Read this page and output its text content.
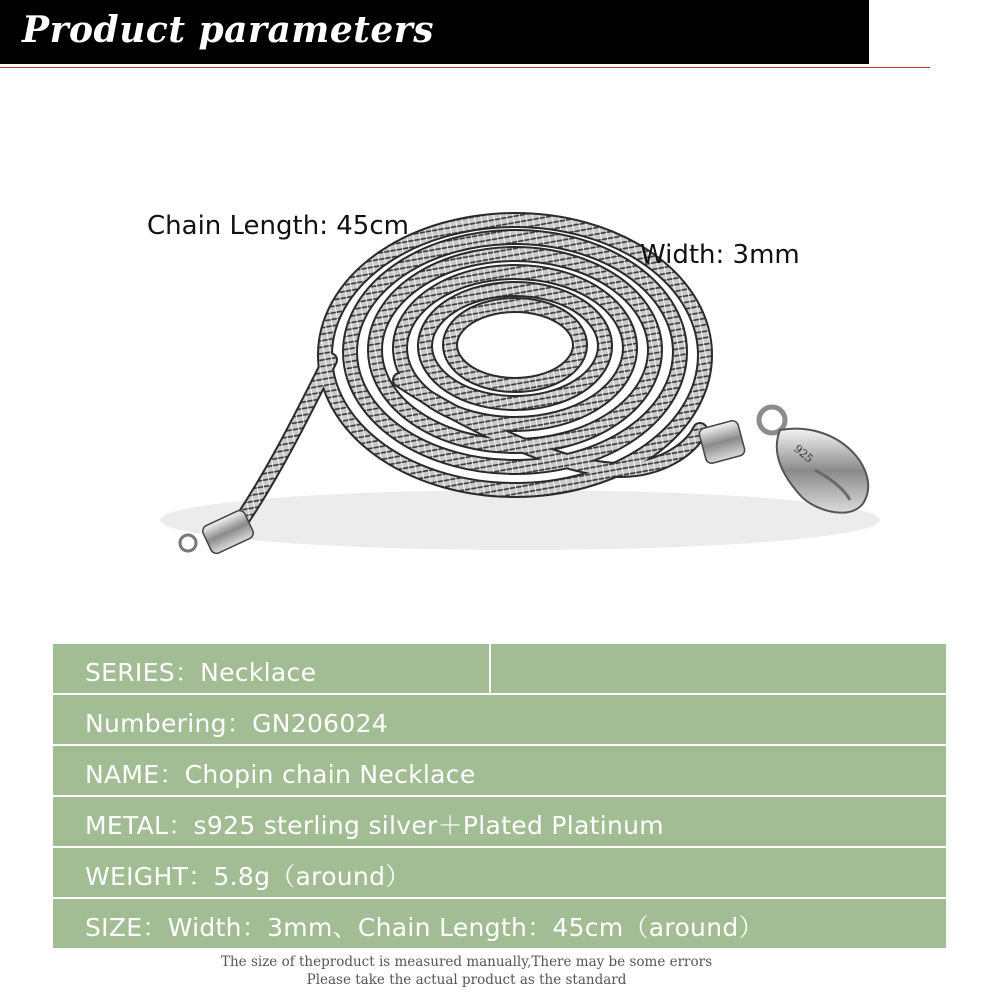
Product parameters
925
Chain Length: 45cm
Width: 3mm
SERIES：Necklace
Numbering：GN206024
NAME：Chopin chain Necklace
METAL：s925 sterling silver＋Plated Platinum
WEIGHT：5.8g（around）
SIZE：Width：3mm、Chain Length：45cm（around）
The size of theproduct is measured manually,There may be some errors
Please take the actual product as the standard
